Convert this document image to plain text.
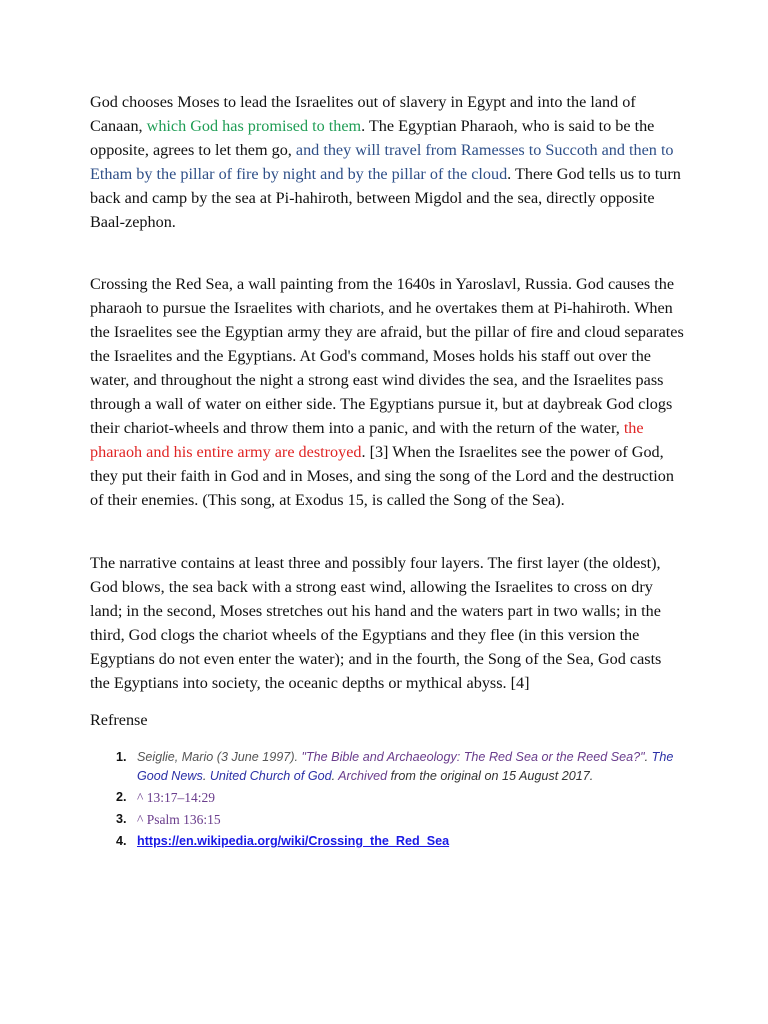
God chooses Moses to lead the Israelites out of slavery in Egypt and into the land of Canaan, which God has promised to them. The Egyptian Pharaoh, who is said to be the opposite, agrees to let them go, and they will travel from Ramesses to Succoth and then to Etham by the pillar of fire by night and by the pillar of the cloud. There God tells us to turn back and camp by the sea at Pi-hahiroth, between Migdol and the sea, directly opposite Baal-zephon.

Crossing the Red Sea, a wall painting from the 1640s in Yaroslavl, Russia. God causes the pharaoh to pursue the Israelites with chariots, and he overtakes them at Pi-hahiroth. When the Israelites see the Egyptian army they are afraid, but the pillar of fire and cloud separates the Israelites and the Egyptians. At God's command, Moses holds his staff out over the water, and throughout the night a strong east wind divides the sea, and the Israelites pass through a wall of water on either side. The Egyptians pursue it, but at daybreak God clogs their chariot-wheels and throw them into a panic, and with the return of the water, the pharaoh and his entire army are destroyed. [3] When the Israelites see the power of God, they put their faith in God and in Moses, and sing the song of the Lord and the destruction of their enemies. (This song, at Exodus 15, is called the Song of the Sea).

The narrative contains at least three and possibly four layers. The first layer (the oldest), God blows, the sea back with a strong east wind, allowing the Israelites to cross on dry land; in the second, Moses stretches out his hand and the waters part in two walls; in the third, God clogs the chariot wheels of the Egyptians and they flee (in this version the Egyptians do not even enter the water); and in the fourth, the Song of the Sea, God casts the Egyptians into society, the oceanic depths or mythical abyss. [4]

Refrense

1. Seiglie, Mario (3 June 1997). "The Bible and Archaeology: The Red Sea or the Reed Sea?". The Good News. United Church of God. Archived from the original on 15 August 2017.
2. ^ 13:17–14:29
3. ^ Psalm 136:15
4. https://en.wikipedia.org/wiki/Crossing_the_Red_Sea
